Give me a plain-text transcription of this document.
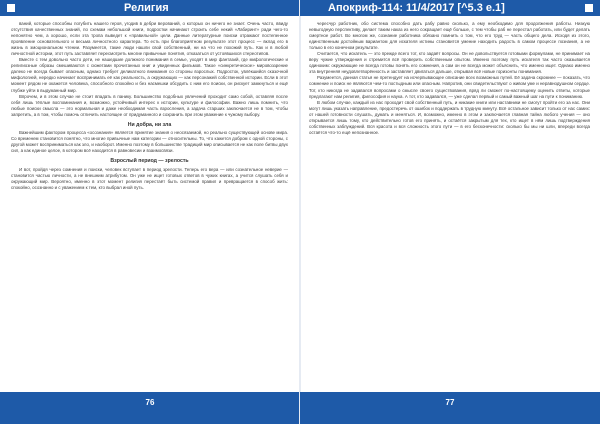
Религия

ваний, которые способны погубить нашего героя, угодив в дебри верований, о которых он ничего не знает. Очень часто, ввиду отсутствия качественных знаний, по схемам небольшой книги, подростки начинают строить себе некий «Лабиринт» ради чего-то непонятно чем, а хорошо, если эта тропа выведет к «правильной» цели. Данные литературные поиски отражают постепенное проявление основательного и весьма личностного характера. То есть при благоприятном результате этот процесс — вклад его в жизнь в эмоциональном чтении. Разумеется, такие люди нашли свой собственный, ни на что не похожий путь. Как и в любой личностной истории, этот путь заставляет пересмотреть многие привычные понятия, отказаться от устоявшихся стереотипов.

Вместе с тем довольно часто дети, не нашедшие должного понимания в семье, уходят в мир фантазий, где мифологические и религиозные образы смешиваются с сюжетами прочитанных книг и увиденных фильмов. Такое «синкретическое» мировоззрение далеко не всегда бывает опасным, однако требует деликатного внимания со стороны взрослых. Подросток, увлёкшийся сказочной мифологией, нередко начинает воспринимать её как реальность, а окружающих — как персонажей собственной истории. Если в этот момент рядом не окажется человека, способного спокойно и без насмешки обсудить с ним его поиски, он рискует замкнуться и ещё глубже уйти в выдуманный мир.

Впрочем, и в этом случае не стоит впадать в панику. Большинство подобных увлечений проходит само собой, оставляя после себя лишь тёплые воспоминания и, возможно, устойчивый интерес к истории, культуре и философии. Важно лишь помнить, что любые поиски смысла — это нормальная и даже необходимая часть взросления, а задача старших заключается не в том, чтобы запретить, а в том, чтобы помочь отличить настоящее от придуманного и сохранить при этом уважение к чужому выбору.

Ни добра, ни зла

Важнейшим фактором процесса «осознания» является принятие знания о неосязаемой, но реально существующей основе мира. Со временем становится понятно, что многие привычные нам категории — относительны. То, что кажется добром с одной стороны, с другой может восприниматься как зло, и наоборот. Именно поэтому в большинстве традиций мир описывается не как поле битвы двух сил, а как единое целое, в котором всё находится в равновесии и взаимосвязи.

Взрослый период — зрелость

И вот, пройдя через сомнения и поиски, человек вступает в период зрелости. Теперь его вера — или сознательное неверие — становится частью личности, а не внешним атрибутом. Он уже не ищет готовых ответов в чужих книгах, а учится слушать себя и окружающий мир. Вероятно, именно в этот момент религия перестаёт быть системой правил и превращается в способ жить: спокойно, осознанно и с уважением к тем, кто выбрал иной путь.

76
Апокриф-114: 11/4/2017 [^5.3 e.1]

чересчур работник, обо система способно дать рабу равно сколько, а ему необходимо для продолжения работы. Низкую невыгодную перспективу, делает таким наказ из него сокращает ещё больше, с тем чтобы раб не перестал работать, или будет делать смертное работ. Во многом же, сознание работника обязано помнить о том, что его труд — часть общего дела. Исходя из этого, единственным достойным вариантом для искателя истины становится умение находить радость в самом процессе познания, а не только в его конечном результате.

Считается, что искатель — это прежде всего тот, кто задаёт вопросы. Он не довольствуется готовыми формулами, не принимает на веру чужие утверждения и стремится всё проверить собственным опытом. Именно поэтому путь искателя так часто оказывается одиноким: окружающие не всегда готовы понять его сомнения, а сам он не всегда может объяснить, что именно ищет. Однако именно эта внутренняя неудовлетворённость и заставляет двигаться дальше, открывая всё новые горизонты понимания.

Разумеется, данная статья не претендует на исчерпывающее описание всех возможных путей. Её задача скромнее — показать, что сомнение и поиск не являются чем-то постыдным или опасным. Напротив, они свидетельствуют о живом уме и неравнодушном сердце. Тот, кто никогда не задавался вопросами о смысле своего существования, вряд ли сможет по-настоящему оценить ответы, которые предлагают нам религия, философия и наука. А тот, кто задавался, — уже сделал первый и самый важный шаг на пути к пониманию.

В любом случае, каждый из нас проходит свой собственный путь, и никакие книги или наставники не смогут пройти его за нас. Они могут лишь указать направление, предостеречь от ошибок и поддержать в трудную минуту. Всё остальное зависит только от нас самих: от нашей готовности слушать, думать и меняться. И, возможно, именно в этом и заключается главная тайна любого учения — оно открывается лишь тому, кто действительно готов его принять, и остаётся закрытым для тех, кто ищет в нём лишь подтверждения собственных заблуждений. Вся красота и вся сложность этого пути — в его бесконечности: сколько бы мы ни шли, впереди всегда остаётся что-то ещё непознанное.

77
